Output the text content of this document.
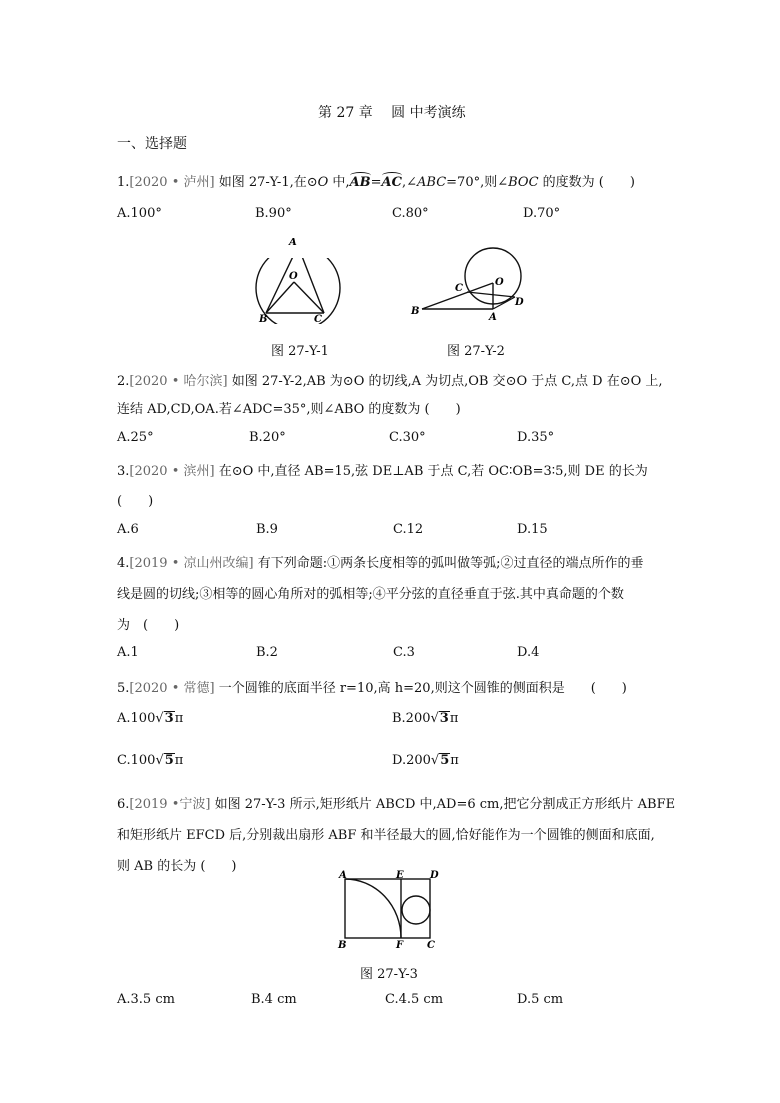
第 27 章　 圆 中考演练
一、选择题
1.[2020 • 泸州] 如图 27-Y-1,在⊙O 中,AB=AC,∠ABC=70°,则∠BOC 的度数为 (　　)
A.100°	B.90°	C.80°	D.70°
A
O
B	C
图 27-Y-1
C
O
D
B
A
图 27-Y-2
2.[2020 • 哈尔滨] 如图 27-Y-2,AB 为⊙O 的切线,A 为切点,OB 交⊙O 于点 C,点 D 在⊙O 上,
连结 AD,CD,OA.若∠ADC=35°,则∠ABO 的度数为 (　　)
A.25°	B.20°	C.30°	D.35°
3.[2020 • 滨州] 在⊙O 中,直径 AB=15,弦 DE⊥AB 于点 C,若 OC∶OB=3∶5,则 DE 的长为
(　　)
A.6	B.9	C.12	D.15
4.[2019 • 凉山州改编] 有下列命题:①两条长度相等的弧叫做等弧;②过直径的端点所作的垂
线是圆的切线;③相等的圆心角所对的弧相等;④平分弦的直径垂直于弦.其中真命题的个数
为　(　　)
A.1	B.2	C.3	D.4
5.[2020 • 常德] 一个圆锥的底面半径 r=10,高 h=20,则这个圆锥的侧面积是　　(　　)
A.100√3π	B.200√3π
C.100√5π	D.200√5π
6.[2019 •宁波] 如图 27-Y-3 所示,矩形纸片 ABCD 中,AD=6 cm,把它分割成正方形纸片 ABFE
和矩形纸片 EFCD 后,分别裁出扇形 ABF 和半径最大的圆,恰好能作为一个圆锥的侧面和底面,
则 AB 的长为 (　　)
A	E	D
B	F C
图 27-Y-3
A.3.5 cm	B.4 cm	C.4.5 cm	D.5 cm
